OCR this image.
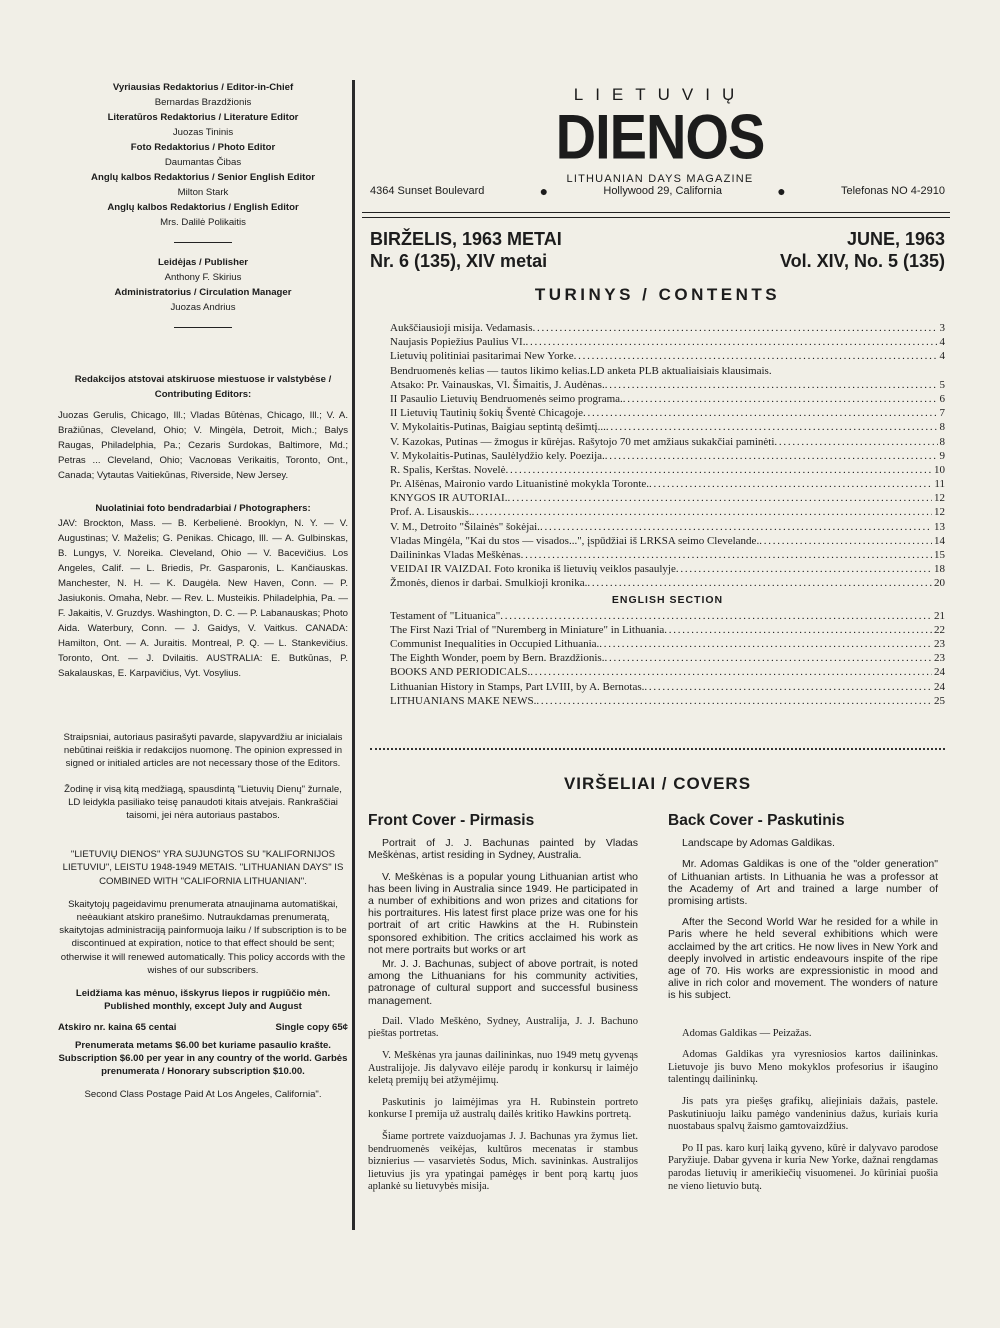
Vyriausias Redaktorius / Editor-in-Chief
Bernardas Brazdžionis
Literatūros Redaktorius / Literature Editor
Juozas Tininis
Foto Redaktorius / Photo Editor
Daumantas Čibas
Anglų kalbos Redaktorius / Senior English Editor
Milton Stark
Anglų kalbos Redaktorius / English Editor
Mrs. Dalilė Polikaitis
Leidėjas / Publisher
Anthony F. Skirius
Administratorius / Circulation Manager
Juozas Andrius
Redakcijos atstovai atskiruose miestuose ir valstybėse / Contributing Editors:
Juozas Gerulis, Chicago, Ill.; Vladas Būtėnas, Chicago, Ill.; V. A. Bražiūnas, Cleveland, Ohio; V. Mingėla, Detroit, Mich.; Balys Raugas, Philadelphia, Pa.; Cezaris Surdokas, Baltimore, Md.; Petras ... Cleveland, Ohio; Vacловas Verikaitis, Toronto, Ont., Canada; Vytautas Vaitiekūnas, Riverside, New Jersey.
Nuolatiniai foto bendradarbiai / Photographers:
JAV: Brockton, Mass. — B. Kerbelienė. Brooklyn, N. Y. — V. Augustinas; V. Maželis; G. Penikas. Chicago, Ill. — A. Gulbinskas, B. Lungys, V. Noreika. Cleveland, Ohio — V. Bacevičius. Los Angeles, Calif. — L. Briedis, Pr. Gasparonis, L. Kančiauskas. Manchester, N. H. — K. Daugėla. New Haven, Conn. — P. Jasiukonis. Omaha, Nebr. — Rev. L. Musteikis. Philadelphia, Pa. — F. Jakaitis, V. Gruzdys. Washington, D. C. — P. Labanauskas; Photo Aida. Waterbury, Conn. — J. Gaidys, V. Vaitkus. CANADA: Hamilton, Ont. — A. Juraitis. Montreal, P. Q. — L. Stankevičius. Toronto, Ont. — J. Dvilaitis. AUSTRALIA: E. Butkūnas, P. Sakalauskas, E. Karpavičius, Vyt. Vosylius.
Straipsniai, autoriaus pasirašyti pavarde, slapyvardžiu ar inicialais nebūtinai reiškia ir redakcijos nuomonę. The opinion expressed in signed or initialed articles are not necessary those of the Editors.
Žodinę ir visą kitą medžiagą, spausdintą "Lietuvių Dienų" žurnale, LD leidykla pasiliako teisę panaudoti kitais atvejais. Rankraščiai taisomi, jei nėra autoriaus pastabos.
"LIETUVIŲ DIENOS" YRA SUJUNGTOS SU "KALIFORNIJOS LIETUVIU", LEISTU 1948-1949 METAIS. "LITHUANIAN DAYS" IS COMBINED WITH "CALIFORNIA LITHUANIAN".
Skaitytojų pageidavimu prenumerata atnaujinama automatiškai, neėaukiant atskiro pranešimo. Nutraukdamas prenumeratą, skaitytojas administraciją painformuoja laiku / If subscription is to be discontinued at expiration, notice to that effect should be sent; otherwise it will renewed automatically. This policy accords with the wishes of our subscribers.
Leidžiama kas mėnuo, išskyrus liepos ir rugpiūčio mėn. Published monthly, except July and August
Atskiro nr. kaina 65 centai	Single copy 65¢
Prenumerata metams $6.00 bet kuriame pasaulio krašte. Subscription $6.00 per year in any country of the world. Garbės prenumerata / Honorary subscription $10.00.
Second Class Postage Paid At Los Angeles, California".
LIETUVIŲ
DIENOS
LITHUANIAN DAYS MAGAZINE
4364 Sunset Boulevard	●	Hollywood 29, California	●	Telefonas NO 4-2910
BIRŽELIS, 1963 METAI
Nr. 6 (135), XIV metai
JUNE, 1963
Vol. XIV, No. 5 (135)
TURINYS / CONTENTS
Aukščiausioji misija. Vedamasis . . .	3
Naujasis Popiežius Paulius VI. . . .	4
Lietuvių politiniai pasitarimai New Yorke . . .	4
Bendruomenės kelias — tautos likimo kelias.LD anketa PLB aktualiaisiais klausimais.
Atsako: Pr. Vainauskas, Vl. Šimaitis, J. Audėnas. . . .	5
II Pasaulio Lietuvių Bendruomenės seimo programa. . . .	6
II Lietuvių Tautinių šokių Šventė Chicagoje . . .	7
V. Mykolaitis-Putinas, Baigiau septintą dešimtį... . . .	8
V. Kazokas, Putinas — žmogus ir kūrėjas. Rašytojo 70 met amžiaus sukakčiai paminėti . . .	8
V. Mykolaitis-Putinas, Saulėlydžio kely. Poezija. . . .	9
R. Spalis, Kerštas. Novelė . . .	10
Pr. Alšėnas, Maironio vardo Lituanistinė mokykla Toronte. . . .	11
KNYGOS IR AUTORIAI. . . .	12
Prof. A. Lisauskis. . . .	12
V. M., Detroito "Šilainės" šokėjai. . . .	13
Vladas Mingėla, "Kai du stos — visados...", įspūdžiai iš LRKSA seimo Clevelande. . . .	14
Dailininkas Vladas Meškėnas . . .	15
VEIDAI IR VAIZDAI. Foto kronika iš lietuvių veiklos pasaulyje . . .	18
Žmonės, dienos ir darbai. Smulkioji kronika. . . .	20
ENGLISH SECTION
Testament of "Lituanica" . . .	21
The First Nazi Trial of "Nuremberg in Miniature" in Lithuania . . .	22
Communist Inequalities in Occupied Lithuania. . . .	23
The Eighth Wonder, poem by Bern. Brazdžionis. . . .	23
BOOKS AND PERIODICALS. . . .	24
Lithuanian History in Stamps, Part LVIII, by A. Bernotas. . . .	24
LITHUANIANS MAKE NEWS. . . .	25
VIRŠELIAI / COVERS
Front Cover - Pirmasis

Portrait of J. J. Bachunas painted by Vladas Meškėnas, artist residing in Sydney, Australia.

V. Meškėnas is a popular young Lithuanian artist who has been living in Australia since 1949. He participated in a number of exhibitions and won prizes and citations for his portraitures. His latest first place prize was one for his portrait of art critic Hawkins at the H. Rubinstein sponsored exhibition. The critics acclaimed his work as not mere portraits but works or art

Mr. J. J. Bachunas, subject of above portrait, is noted among the Lithuanians for his community activities, patronage of cultural support and successful business management.

Dail. Vlado Meškėno, Sydney, Australija, J. J. Bachuno pieštas portretas.

V. Meškėnas yra jaunas dailininkas, nuo 1949 metų gyvenąs Australijoje. Jis dalyvavo eilėje parodų ir konkursų ir laimėjo keletą premijų bei atžymėjimų.

Paskutinis jo laimėjimas yra H. Rubinstein portreto konkurse I premija už australų dailės kritiko Hawkins portretą.

Šiame portrete vaizduojamas J. J. Bachunas yra žymus liet. bendruomenės veikėjas, kultūros mecenatas ir stambus biznierius — vasarvietės Sodus, Mich. savininkas. Australijos lietuvius jis yra ypatingai pamėgęs ir bent porą kartų juos aplankė su lietuvybės misija.

Back Cover - Paskutinis

Landscape by Adomas Galdikas.

Mr. Adomas Galdikas is one of the "older generation" of Lithuanian artists. In Lithuania he was a professor at the Academy of Art and trained a large number of promising artists.

After the Second World War he resided for a while in Paris where he held several exhibitions which were acclaimed by the art critics. He now lives in New York and deeply involved in artistic endeavours inspite of the ripe age of 70. His works are expressionistic in mood and alive in rich color and movement. The wonders of nature is his subject.

Adomas Galdikas — Peizažas.

Adomas Galdikas yra vyresniosios kartos dailininkas. Lietuvoje jis buvo Meno mokyklos profesorius ir išaugino talentingų dailininkų.

Jis pats yra piešęs grafikų, aliejiniais dažais, pastele. Paskutiniuoju laiku pamėgo vandeninius dažus, kuriais kuria nuostabaus spalvų žaismo gamtovaizdžius.

Po II pas. karo kurį laiką gyveno, kūrė ir dalyvavo parodose Paryžiuje. Dabar gyvena ir kuria New Yorke, dažnai rengdamas parodas lietuvių ir amerikiečių visuomenei. Jo kūriniai puošia ne vieno lietuvio butą.
